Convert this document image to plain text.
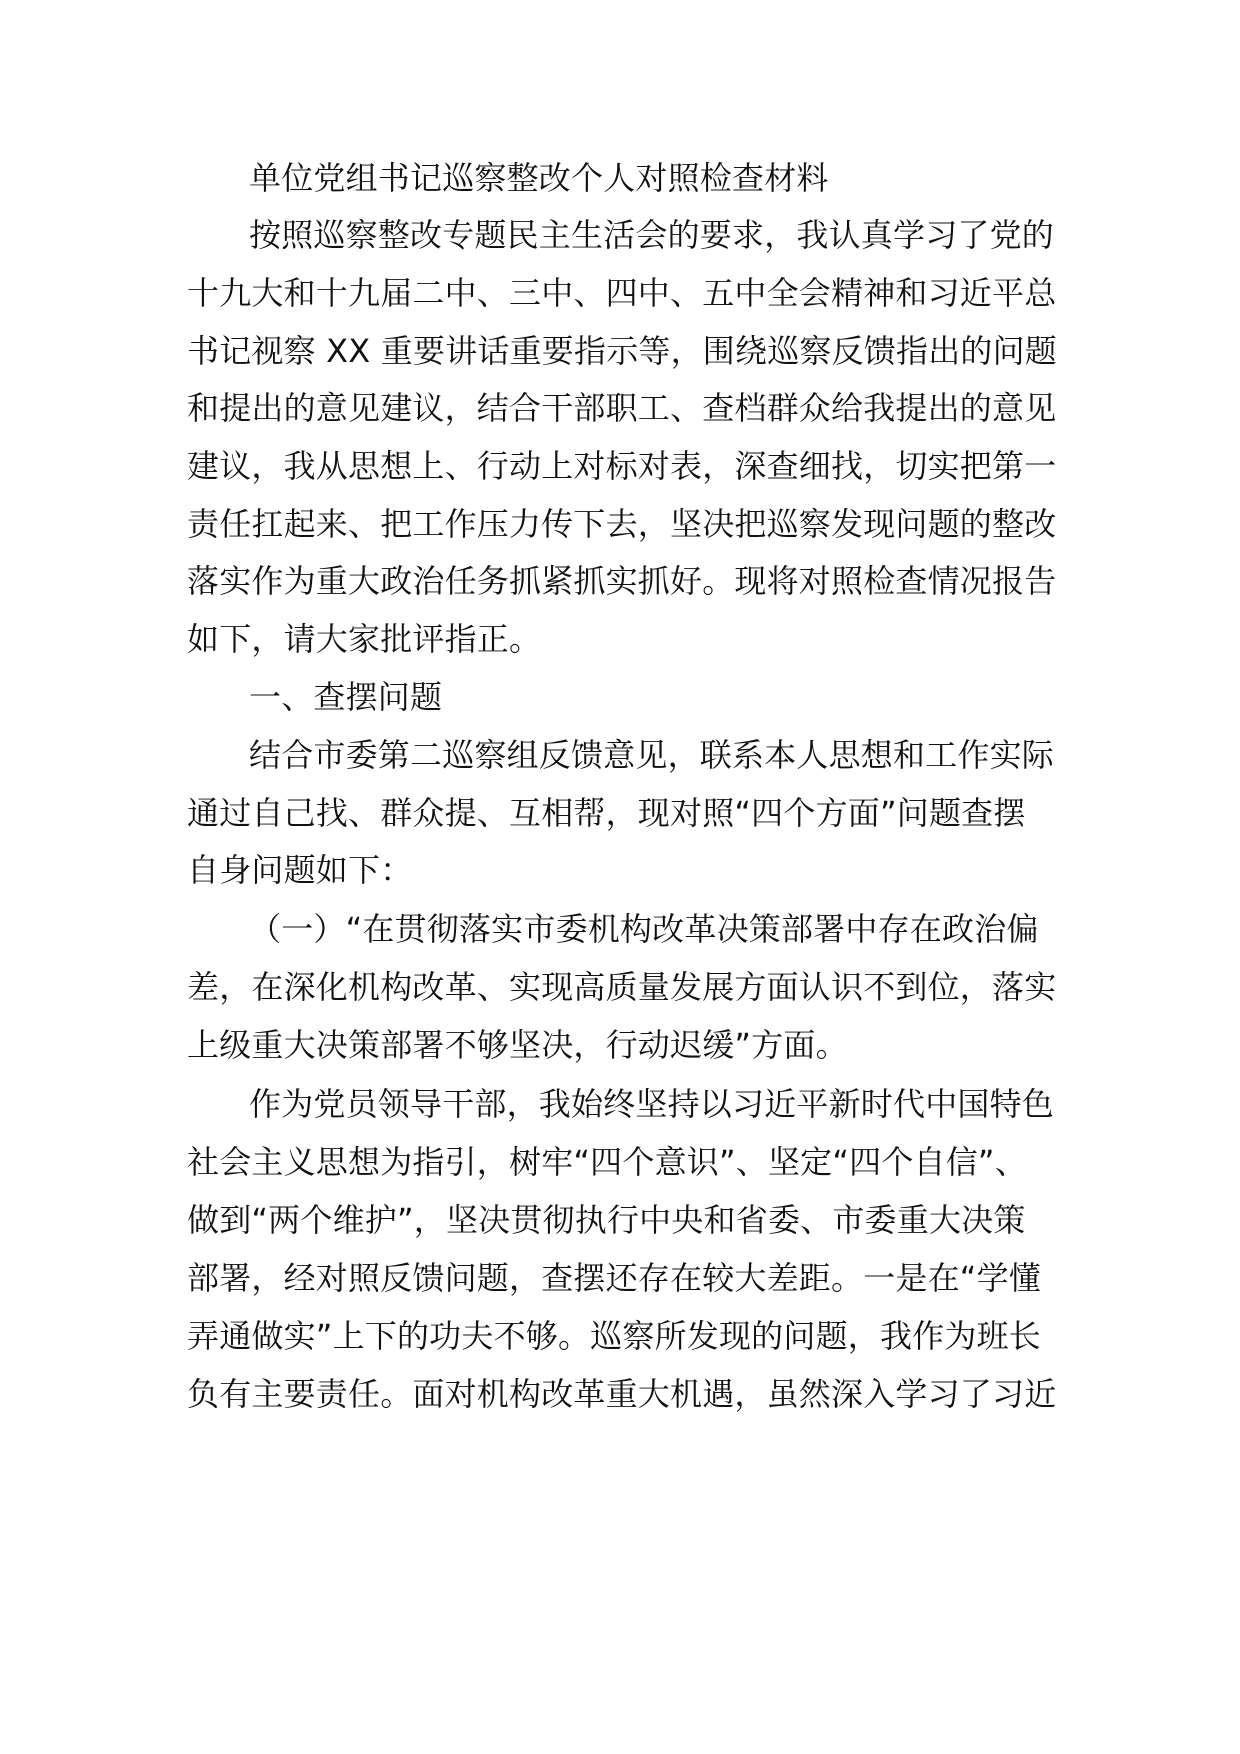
单位党组书记巡察整改个人对照检查材料
按照巡察整改专题民主生活会的要求，我认真学习了党的
十九大和十九届二中、三中、四中、五中全会精神和习近平总
书记视察 XX 重要讲话重要指示等，围绕巡察反馈指出的问题
和提出的意见建议，结合干部职工、查档群众给我提出的意见
建议，我从思想上、行动上对标对表，深查细找，切实把第一
责任扛起来、把工作压力传下去，坚决把巡察发现问题的整改
落实作为重大政治任务抓紧抓实抓好。现将对照检查情况报告
如下，请大家批评指正。
一、查摆问题
结合市委第二巡察组反馈意见，联系本人思想和工作实际
通过自己找、群众提、互相帮，现对照“四个方面”问题查摆
自身问题如下：
（一）“在贯彻落实市委机构改革决策部署中存在政治偏
差，在深化机构改革、实现高质量发展方面认识不到位，落实
上级重大决策部署不够坚决，行动迟缓”方面。
作为党员领导干部，我始终坚持以习近平新时代中国特色
社会主义思想为指引，树牢“四个意识”、坚定“四个自信”、
做到“两个维护”，坚决贯彻执行中央和省委、市委重大决策
部署，经对照反馈问题，查摆还存在较大差距。一是在“学懂
弄通做实”上下的功夫不够。巡察所发现的问题，我作为班长
负有主要责任。面对机构改革重大机遇，虽然深入学习了习近
